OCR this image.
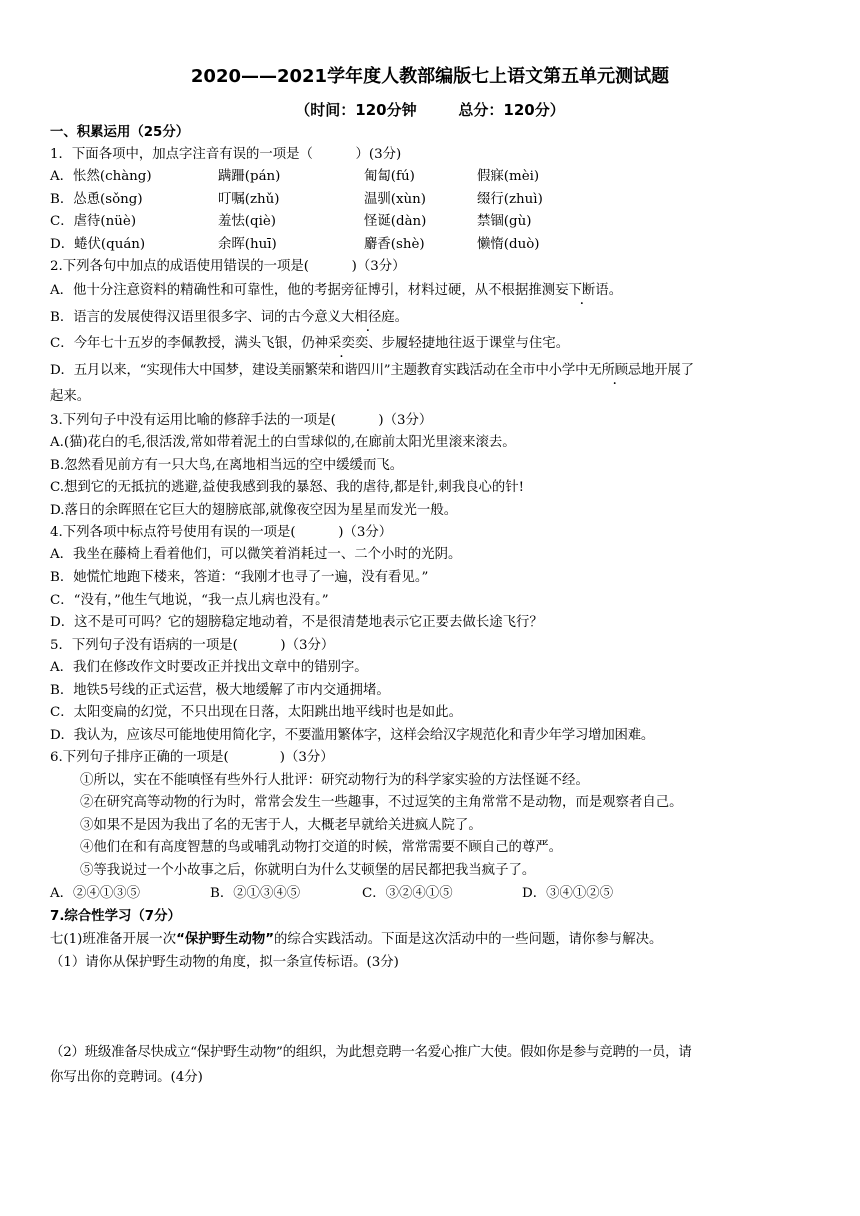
2020——2021学年度人教部编版七上语文第五单元测试题
（时间：120分钟        总分：120分）
一、积累运用（25分）
1．下面各项中，加点字注音有误的一项是（          ）(3分)
A．怅然(chàng)	蹒跚(pán)	匍匐(fú)	假寐(mèi)
B．怂恿(sǒng)	叮嘱(zhǔ)	温驯(xùn)	缀行(zhuì)
C．虐待(nüè)	羞怯(qiè)	怪诞(dàn)	禁锢(gù)
D．蜷伏(quán)	余晖(huī)	麝香(shè)	懒惰(duò)
2.下列各句中加点的成语使用错误的一项是(          )（3分）
A．他十分注意资料的精确性和可靠性，他的考据旁征博引，材料过硬，从不根据推测妄下断语。
B．语言的发展使得汉语里很多字、词的古今意义大相径庭。
C．今年七十五岁的李佩教授，满头飞银，仍神采奕奕、步履轻捷地往返于课堂与住宅。
D．五月以来，“实现伟大中国梦，建设美丽繁荣和谐四川”主题教育实践活动在全市中小学中无所顾忌地开展了
起来。
3.下列句子中没有运用比喻的修辞手法的一项是(          )（3分）
A.(猫)花白的毛,很活泼,常如带着泥土的白雪球似的,在廊前太阳光里滚来滚去。
B.忽然看见前方有一只大鸟,在离地相当远的空中缓缓而飞。
C.想到它的无抵抗的逃避,益使我感到我的暴怒、我的虐待,都是针,刺我良心的针!
D.落日的余晖照在它巨大的翅膀底部,就像夜空因为星星而发光一般。
4.下列各项中标点符号使用有误的一项是(          )（3分）
A．我坐在藤椅上看着他们，可以微笑着消耗过一、二个小时的光阴。
B．她慌忙地跑下楼来，答道：“我刚才也寻了一遍，没有看见。”
C．“没有，”他生气地说，“我一点儿病也没有。”
D．这不是可可吗？它的翅膀稳定地动着，不是很清楚地表示它正要去做长途飞行？
5．下列句子没有语病的一项是(          )（3分）
A．我们在修改作文时要改正并找出文章中的错别字。
B．地铁5号线的正式运营，极大地缓解了市内交通拥堵。
C．太阳变扁的幻觉，不只出现在日落，太阳跳出地平线时也是如此。
D．我认为，应该尽可能地使用简化字，不要滥用繁体字，这样会给汉字规范化和青少年学习增加困难。
6.下列句子排序正确的一项是(            )（3分）
①所以，实在不能嗔怪有些外行人批评：研究动物行为的科学家实验的方法怪诞不经。
②在研究高等动物的行为时，常常会发生一些趣事，不过逗笑的主角常常不是动物，而是观察者自己。
③如果不是因为我出了名的无害于人，大概老早就给关进疯人院了。
④他们在和有高度智慧的鸟或哺乳动物打交道的时候，常常需要不顾自己的尊严。
⑤等我说过一个小故事之后，你就明白为什么艾顿堡的居民都把我当疯子了。
A．②④①③⑤	B．②①③④⑤	C．③②④①⑤	D．③④①②⑤
7.综合性学习（7分）
七(1)班准备开展一次“保护野生动物”的综合实践活动。下面是这次活动中的一些问题，请你参与解决。
（1）请你从保护野生动物的角度，拟一条宣传标语。(3分)
（2）班级准备尽快成立“保护野生动物”的组织，为此想竞聘一名爱心推广大使。假如你是参与竞聘的一员，请
你写出你的竞聘词。(4分)
